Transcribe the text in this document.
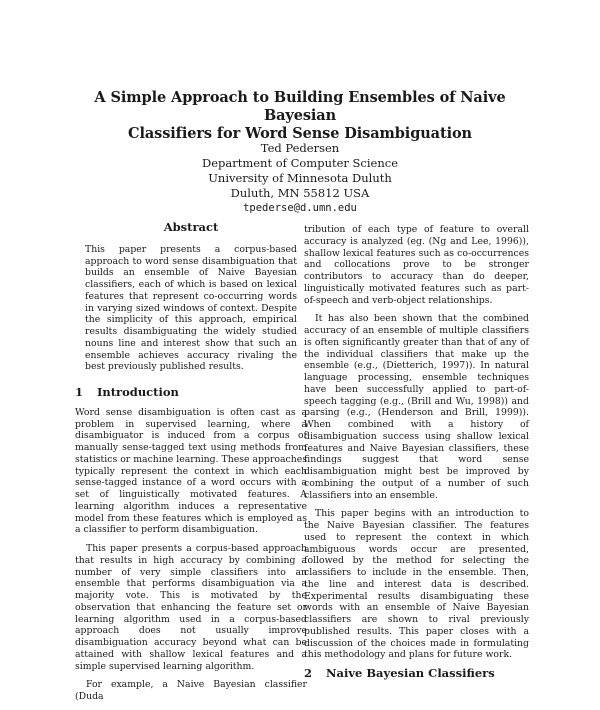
A Simple Approach to Building Ensembles of Naive Bayesian
Classifiers for Word Sense Disambiguation
Ted Pedersen
Department of Computer Science
University of Minnesota Duluth
Duluth, MN 55812 USA
tpederse@d.umn.edu
Abstract
This paper presents a corpus-based approach to word sense disambiguation that builds an ensemble of Naive Bayesian classifiers, each of which is based on lexical features that represent co-occurring words in varying sized windows of context. Despite the simplicity of this approach, empirical results disambiguating the widely studied nouns line and interest show that such an ensemble achieves accuracy rivaling the best previously published results.
1 Introduction

Word sense disambiguation is often cast as a problem in supervised learning, where a disambiguator is induced from a corpus of manually sense-tagged text using methods from statistics or machine learning. These approaches typically represent the context in which each sense-tagged instance of a word occurs with a set of linguistically motivated features. A learning algorithm induces a representative model from these features which is employed as a classifier to perform disambiguation.

This paper presents a corpus-based approach that results in high accuracy by combining a number of very simple classifiers into an ensemble that performs disambiguation via a majority vote. This is motivated by the observation that enhancing the feature set or learning algorithm used in a corpus-based approach does not usually improve disambiguation accuracy beyond what can be attained with shallow lexical features and a simple supervised learning algorithm.

For example, a Naive Bayesian classifier (Duda

tribution of each type of feature to overall accuracy is analyzed (eg. (Ng and Lee, 1996)), shallow lexical features such as co-occurrences and collocations prove to be stronger contributors to accuracy than do deeper, linguistically motivated features such as part-of-speech and verb-object relationships.

It has also been shown that the combined accuracy of an ensemble of multiple classifiers is often significantly greater than that of any of the individual classifiers that make up the ensemble (e.g., (Dietterich, 1997)). In natural language processing, ensemble techniques have been successfully applied to part-of-speech tagging (e.g., (Brill and Wu, 1998)) and parsing (e.g., (Henderson and Brill, 1999)). When combined with a history of disambiguation success using shallow lexical features and Naive Bayesian classifiers, these findings suggest that word sense disambiguation might best be improved by combining the output of a number of such classifiers into an ensemble.

This paper begins with an introduction to the Naive Bayesian classifier. The features used to represent the context in which ambiguous words occur are presented, followed by the method for selecting the classifiers to include in the ensemble. Then, the line and interest data is described. Experimental results disambiguating these words with an ensemble of Naive Bayesian classifiers are shown to rival previously published results. This paper closes with a discussion of the choices made in formulating this methodology and plans for future work.

2 Naive Bayesian Classifiers
